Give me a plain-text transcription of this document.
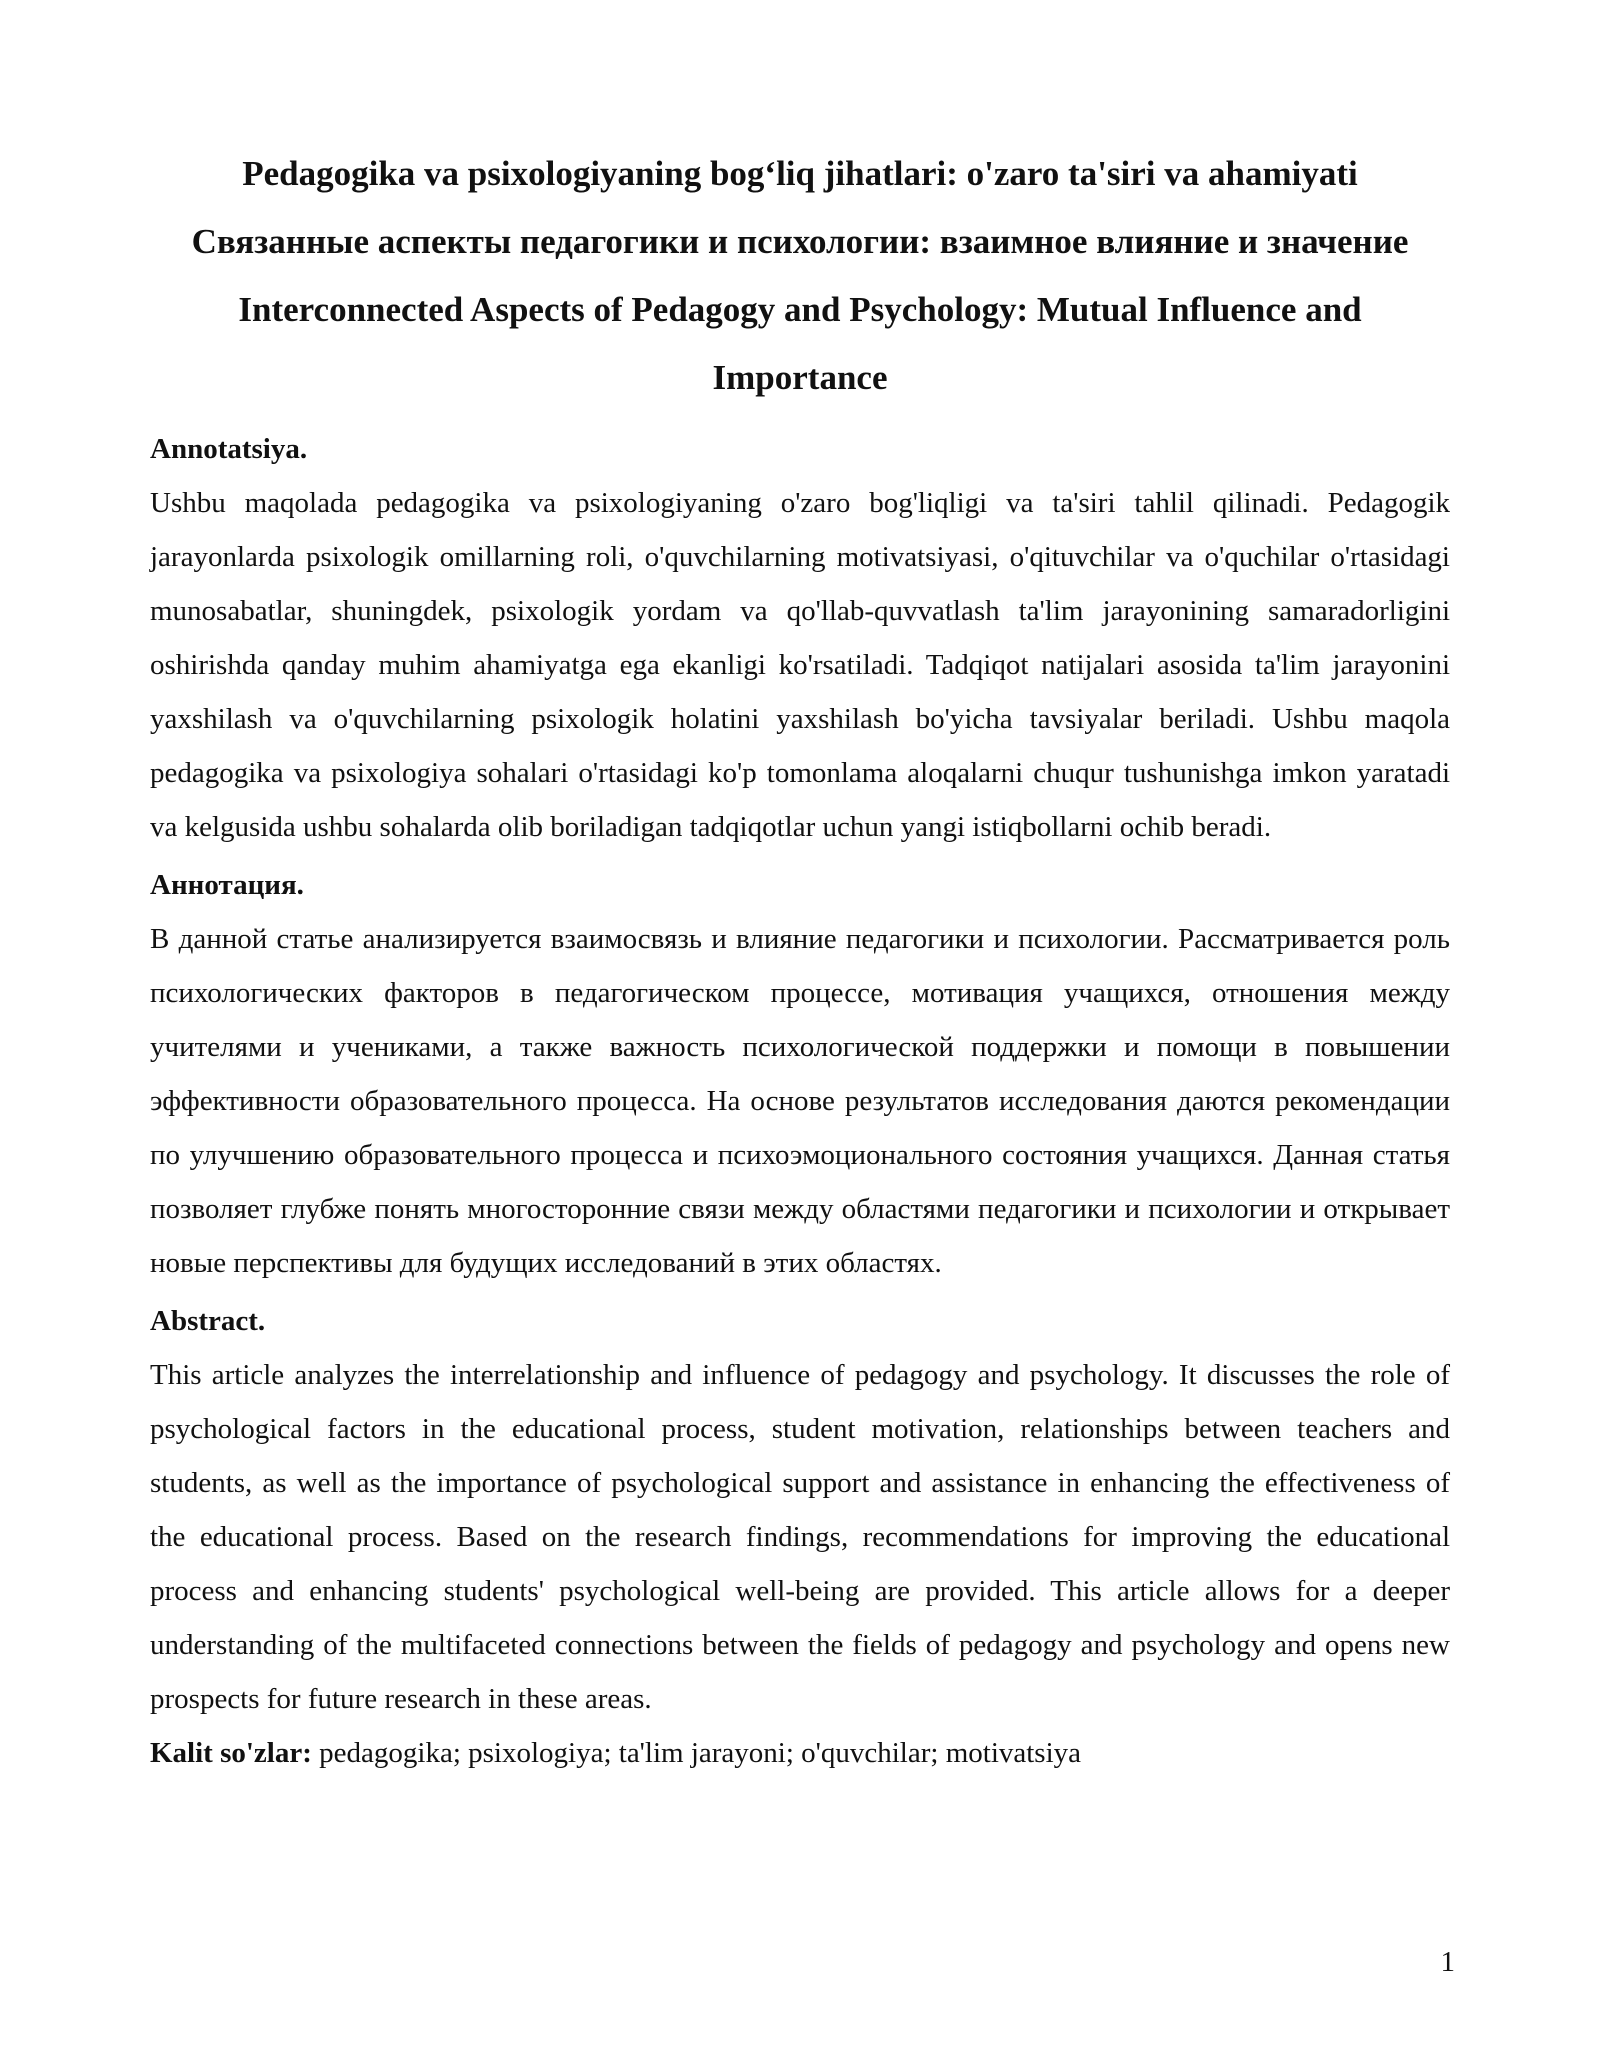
Pedagogika va psixologiyaning bog‘liq jihatlari: o'zaro ta'siri va ahamiyati

Связанные аспекты педагогики и психологии: взаимное влияние и значение

Interconnected Aspects of Pedagogy and Psychology: Mutual Influence and Importance

Annotatsiya.

Ushbu maqolada pedagogika va psixologiyaning o'zaro bog'liqligi va ta'siri tahlil qilinadi. Pedagogik jarayonlarda psixologik omillarning roli, o'quvchilarning motivatsiyasi, o'qituvchilar va o'quchilar o'rtasidagi munosabatlar, shuningdek, psixologik yordam va qo'llab-quvvatlash ta'lim jarayonining samaradorligini oshirishda qanday muhim ahamiyatga ega ekanligi ko'rsatiladi. Tadqiqot natijalari asosida ta'lim jarayonini yaxshilash va o'quvchilarning psixologik holatini yaxshilash bo'yicha tavsiyalar beriladi. Ushbu maqola pedagogika va psixologiya sohalari o'rtasidagi ko'p tomonlama aloqalarni chuqur tushunishga imkon yaratadi va kelgusida ushbu sohalarda olib boriladigan tadqiqotlar uchun yangi istiqbollarni ochib beradi.

Аннотация.

В данной статье анализируется взаимосвязь и влияние педагогики и психологии. Рассматривается роль психологических факторов в педагогическом процессе, мотивация учащихся, отношения между учителями и учениками, а также важность психологической поддержки и помощи в повышении эффективности образовательного процесса. На основе результатов исследования даются рекомендации по улучшению образовательного процесса и психоэмоционального состояния учащихся. Данная статья позволяет глубже понять многосторонние связи между областями педагогики и психологии и открывает новые перспективы для будущих исследований в этих областях.

Abstract.

This article analyzes the interrelationship and influence of pedagogy and psychology. It discusses the role of psychological factors in the educational process, student motivation, relationships between teachers and students, as well as the importance of psychological support and assistance in enhancing the effectiveness of the educational process. Based on the research findings, recommendations for improving the educational process and enhancing students' psychological well-being are provided. This article allows for a deeper understanding of the multifaceted connections between the fields of pedagogy and psychology and opens new prospects for future research in these areas.

Kalit so'zlar: pedagogika; psixologiya; ta'lim jarayoni; o'quvchilar; motivatsiya

1
